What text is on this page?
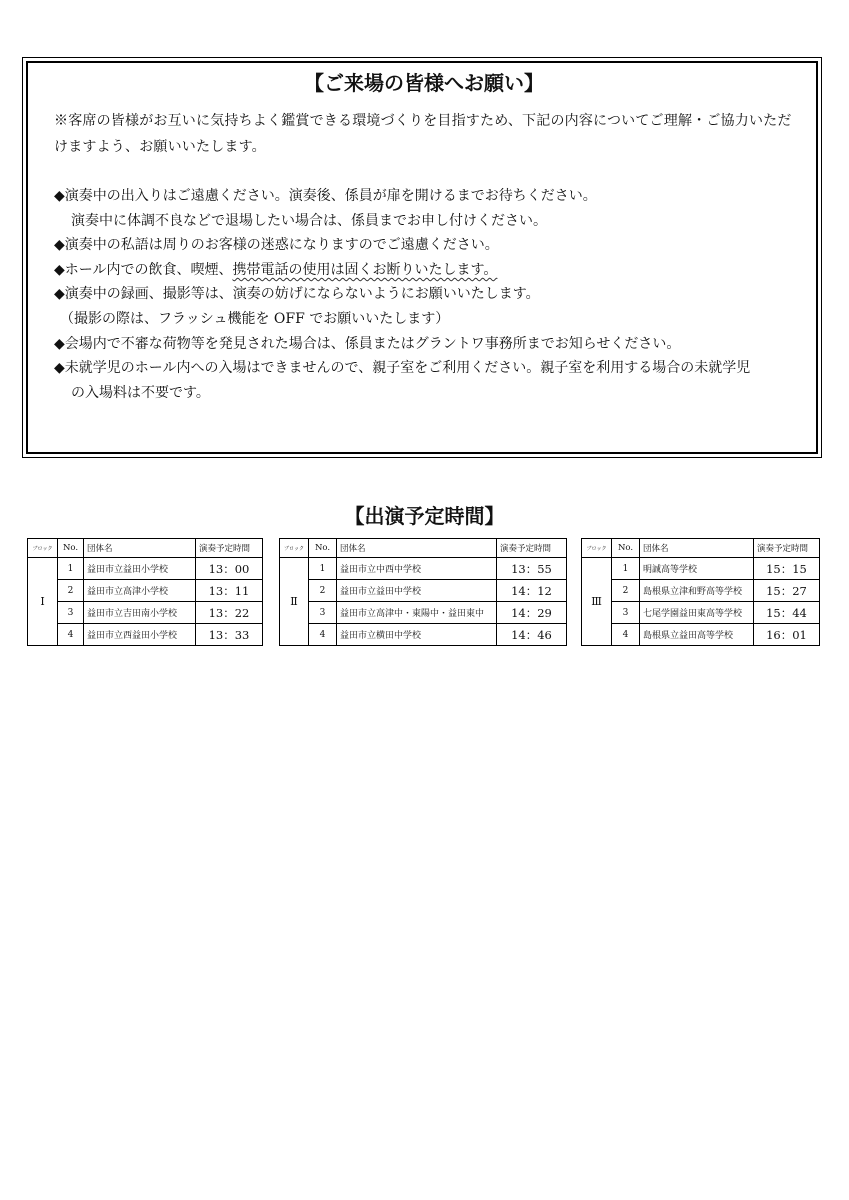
【ご来場の皆様へお願い】
※客席の皆様がお互いに気持ちよく鑑賞できる環境づくりを目指すため、下記の内容についてご理解・ご協力いただけますよう、お願いいたします。
◆演奏中の出入りはご遠慮ください。演奏後、係員が扉を開けるまでお待ちください。
演奏中に体調不良などで退場したい場合は、係員までお申し付けください。
◆演奏中の私語は周りのお客様の迷惑になりますのでご遠慮ください。
◆ホール内での飲食、喫煙、携帯電話の使用は固くお断りいたします。
◆演奏中の録画、撮影等は、演奏の妨げにならないようにお願いいたします。
（撮影の際は、フラッシュ機能を OFF でお願いいたします）
◆会場内で不審な荷物等を発見された場合は、係員またはグラントワ事務所までお知らせください。
◆未就学児のホール内への入場はできませんので、親子室をご利用ください。親子室を利用する場合の未就学児
の入場料は不要です。
【出演予定時間】
ブロック	No.	団体名	演奏予定時間
Ⅰ	1	益田市立益田小学校	13：00
	2	益田市立高津小学校	13：11
	3	益田市立吉田南小学校	13：22
	4	益田市立西益田小学校	13：33
ブロック	No.	団体名	演奏予定時間
Ⅱ	1	益田市立中西中学校	13：55
	2	益田市立益田中学校	14：12
	3	益田市立高津中・東陽中・益田東中	14：29
	4	益田市立横田中学校	14：46
ブロック	No.	団体名	演奏予定時間
Ⅲ	1	明誠高等学校	15：15
	2	島根県立津和野高等学校	15：27
	3	七尾学園益田東高等学校	15：44
	4	島根県立益田高等学校	16：01
